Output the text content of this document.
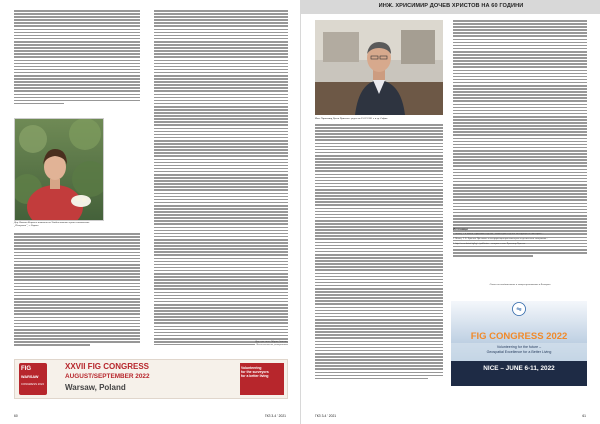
Доц. Венета Коцева в почитта на Учебно-опитен горски стопанство „Петрохан“, с. Бързия
Доц. пук. инж. Мария Асенова,
Лесотехнически университет
FIG
WARSAW
CONGRESS 2022
XXVII FIG CONGRESS
AUGUST/SEPTEMBER 2022
Warsaw, Poland
Volunteering
for the surveyors
for a better living
60	ГКЗ 3-4 ' 2021
ИНЖ. ХРИСИМИР ДОЧЕВ ХРИСТОВ НА 60 ГОДИНИ
Инж. Хрисимир Дочев Христов е роден на 23.07.1961 г. в гр. София.
Източници
1. Милев, Г. и Милев. Приложна геодезия – Инженерна геодезия. Инструкция за нивелиране...
2. Милев, Г. Х. Христов. Пресичане и интерпретация при инженерно-геодезическите измервания...
3. http://www.kaisai.bg/bg/.../publicator – интервю с инж. Хрисимир Христов
Съюза на геодезистите и земеустроителите в България
fig
FIG CONGRESS 2022
Volunteering for the future –
Geospatial Excellence for a Better Living
NICE – JUNE 6-11, 2022
ГКЗ 3-4 ' 2021	61
